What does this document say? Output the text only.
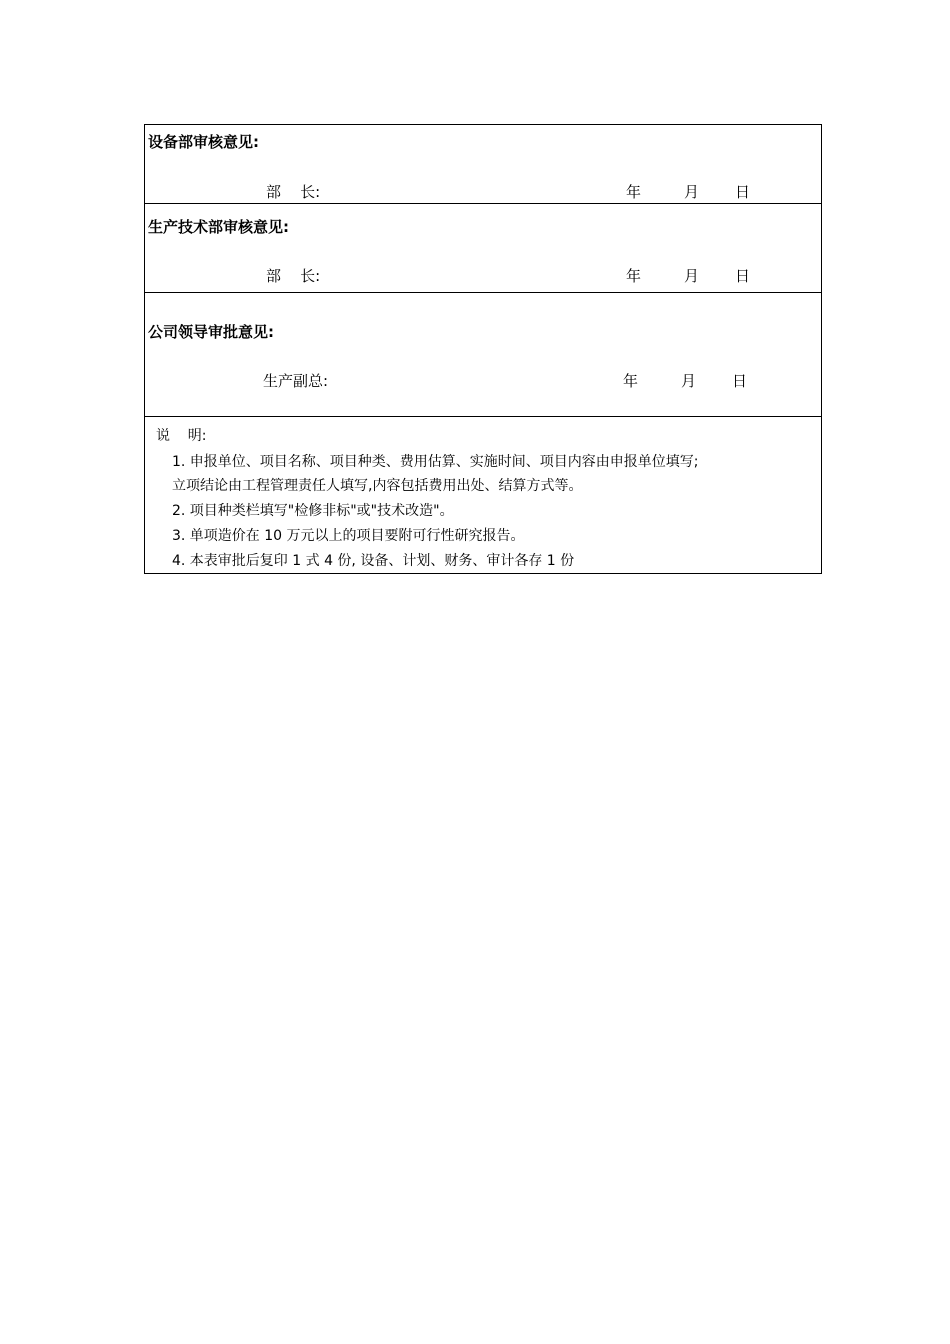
设备部审核意见:
部    长:	年	月 日
生产技术部审核意见:
部    长:	年	月 日
公司领导审批意见:
生产副总:	年	月 日
说    明:
1. 申报单位、项目名称、项目种类、费用估算、实施时间、项目内容由申报单位填写;
立项结论由工程管理责任人填写,内容包括费用出处、结算方式等。
2. 项目种类栏填写"检修非标"或"技术改造"。
3. 单项造价在 10 万元以上的项目要附可行性研究报告。
4. 本表审批后复印 1 式 4 份, 设备、计划、财务、审计各存 1 份
